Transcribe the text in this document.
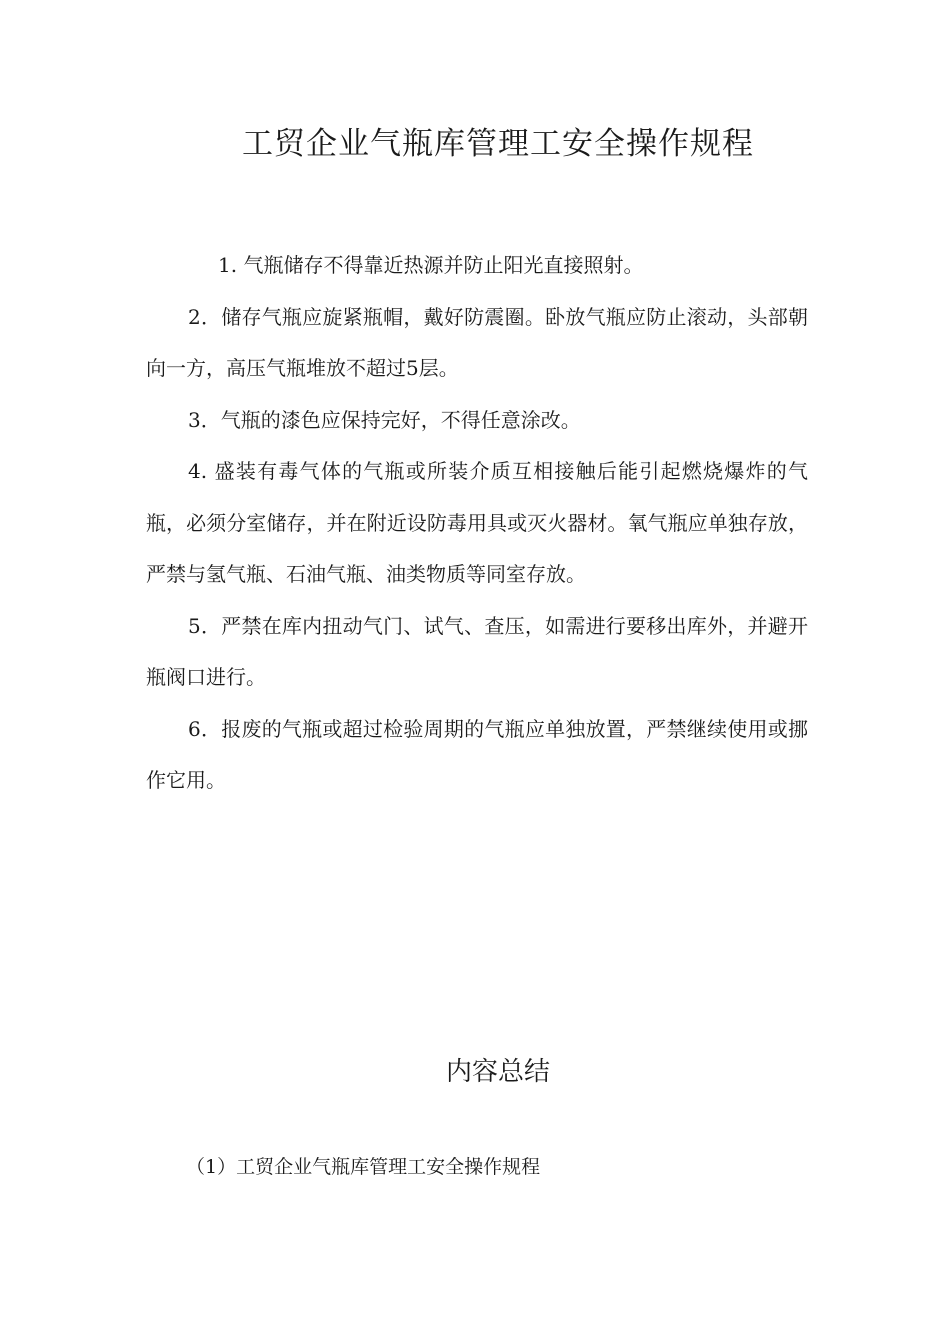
工贸企业气瓶库管理工安全操作规程

1. 气瓶储存不得靠近热源并防止阳光直接照射。

2．储存气瓶应旋紧瓶帽，戴好防震圈。卧放气瓶应防止滚动，头部朝向一方，高压气瓶堆放不超过5层。

3．气瓶的漆色应保持完好，不得任意涂改。

4. 盛装有毒气体的气瓶或所装介质互相接触后能引起燃烧爆炸的气瓶，必须分室储存，并在附近设防毒用具或灭火器材。氧气瓶应单独存放，严禁与氢气瓶、石油气瓶、油类物质等同室存放。

5．严禁在库内扭动气门、试气、查压，如需进行要移出库外，并避开瓶阀口进行。

6．报废的气瓶或超过检验周期的气瓶应单独放置，严禁继续使用或挪作它用。

内容总结

（1）工贸企业气瓶库管理工安全操作规程
